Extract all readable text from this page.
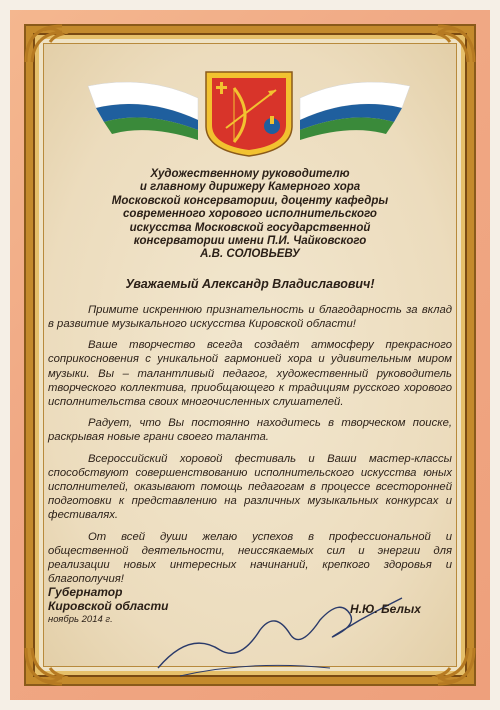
Художественному руководителю
и главному дирижеру Камерного хора
Московской консерватории, доценту кафедры
современного хорового исполнительского
искусства Московской государственной
консерватории имени П.И. Чайковского
А.В. СОЛОВЬЕВУ
Уважаемый Александр Владиславович!

Примите искреннюю признательность и благодарность за вклад в развитие музыкального искусства Кировской области!

Ваше творчество всегда создаёт атмосферу прекрасного соприкосновения с уникальной гармонией хора и удивительным миром музыки. Вы – талантливый педагог, художественный руководитель творческого коллектива, приобщающего к традициям русского хорового исполнительства своих многочисленных слушателей.

Радует, что Вы постоянно находитесь в творческом поиске, раскрывая новые грани своего таланта.

Всероссийский хоровой фестиваль и Ваши мастер-классы способствуют совершенствованию исполнительского искусства юных исполнителей, оказывают помощь педагогам в процессе всесторонней подготовки к представлению на различных музыкальных конкурсах и фестивалях.

От всей души желаю успехов в профессиональной и общественной деятельности, неиссякаемых сил и энергии для реализации новых интересных начинаний, крепкого здоровья и благополучия!

Губернатор

Кировской области

ноябрь 2014 г.
Н.Ю. Белых
